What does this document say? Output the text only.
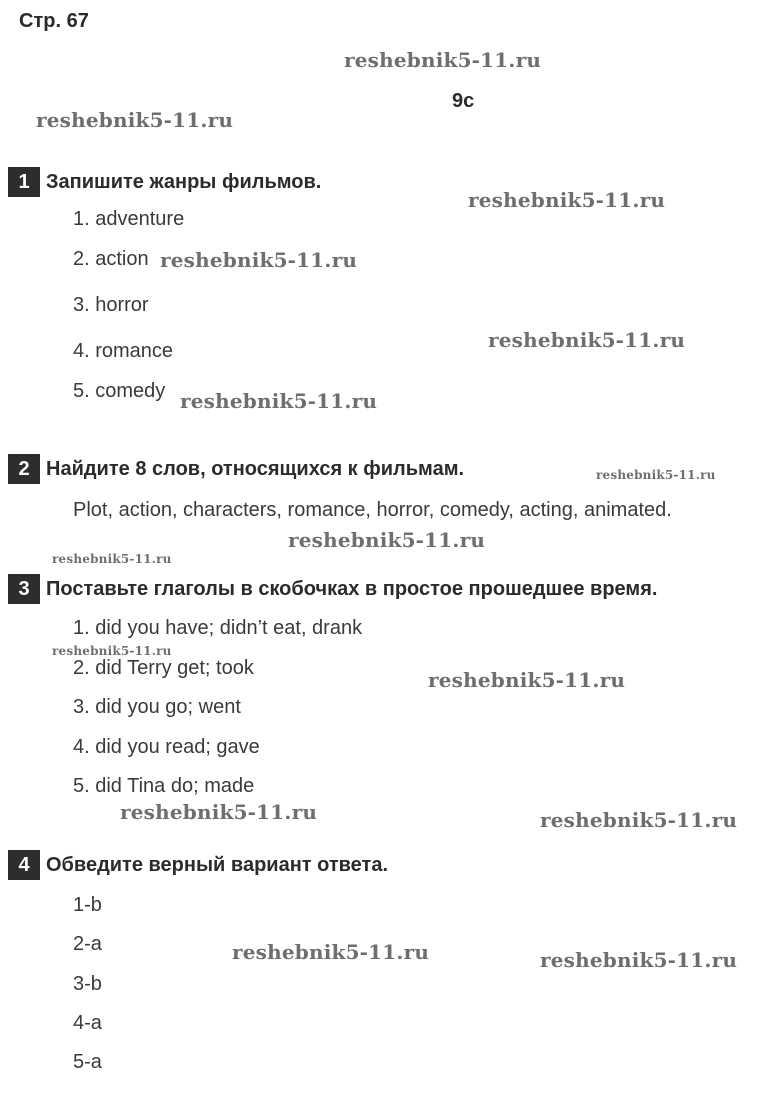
Стр. 67
9c
1 Запишите жанры фильмов.
1. adventure
2. action
3. horror
4. romance
5. comedy
2 Найдите 8 слов, относящихся к фильмам.
Plot, action, characters, romance, horror, comedy, acting, animated.
3 Поставьте глаголы в скобочках в простое прошедшее время.
1. did you have; didn’t eat, drank
2. did Terry get; took
3. did you go; went
4. did you read; gave
5. did Tina do; made
4 Обведите верный вариант ответа.
1-b
2-a
3-b
4-a
5-a
reshebnik5-11.ru
reshebnik5-11.ru
reshebnik5-11.ru
reshebnik5-11.ru
reshebnik5-11.ru
reshebnik5-11.ru
reshebnik5-11.ru
reshebnik5-11.ru
reshebnik5-11.ru
reshebnik5-11.ru
reshebnik5-11.ru
reshebnik5-11.ru	reshebnik5-11.ru
reshebnik5-11.ru	reshebnik5-11.ru
